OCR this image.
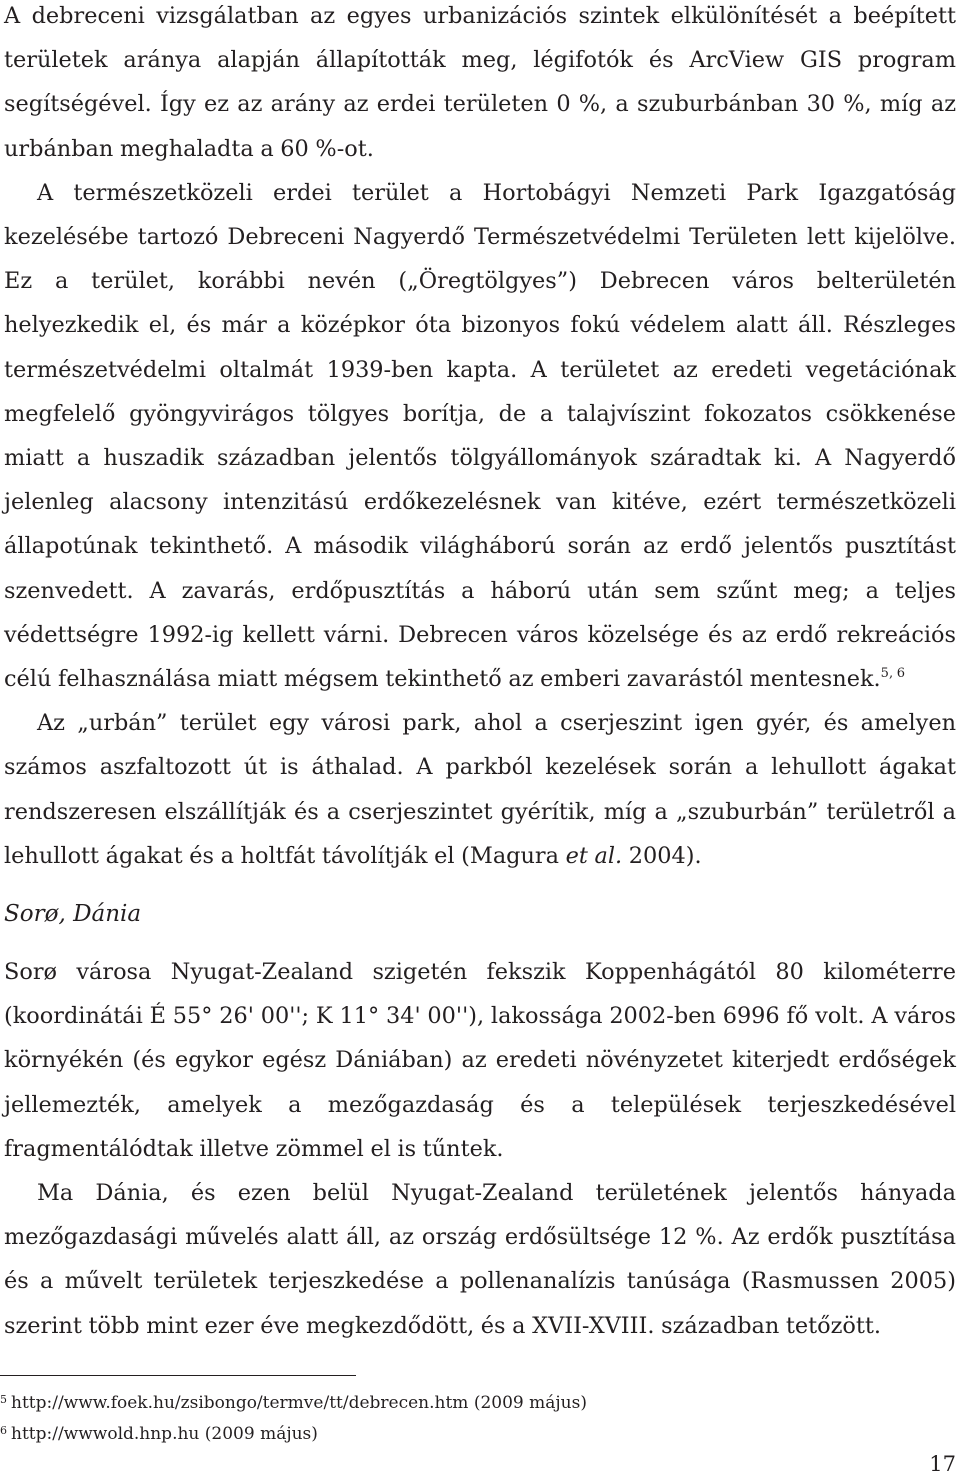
A debreceni vizsgálatban az egyes urbanizációs szintek elkülönítését a beépített területek aránya alapján állapították meg, légifotók és ArcView GIS program segítségével. Így ez az arány az erdei területen 0 %, a szuburbánban 30 %, míg az urbánban meghaladta a 60 %-ot.

A természetközeli erdei terület a Hortobágyi Nemzeti Park Igazgatóság kezelésébe tartozó Debreceni Nagyerdő Természetvédelmi Területen lett kijelölve. Ez a terület, korábbi nevén („Öregtölgyes”) Debrecen város belterületén helyezkedik el, és már a középkor óta bizonyos fokú védelem alatt áll. Részleges természetvédelmi oltalmát 1939-ben kapta. A területet az eredeti vegetációnak megfelelő gyöngyvirágos tölgyes borítja, de a talajvíszint fokozatos csökkenése miatt a huszadik században jelentős tölgyállományok száradtak ki. A Nagyerdő jelenleg alacsony intenzitású erdőkezelésnek van kitéve, ezért természetközeli állapotúnak tekinthető. A második világháború során az erdő jelentős pusztítást szenvedett. A zavarás, erdőpusztítás a háború után sem szűnt meg; a teljes védettségre 1992-ig kellett várni. Debrecen város közelsége és az erdő rekreációs célú felhasználása miatt mégsem tekinthető az emberi zavarástól mentesnek.$^{5, 6}$

Az „urbán” terület egy városi park, ahol a cserjeszint igen gyér, és amelyen számos aszfaltozott út is áthalad. A parkból kezelések során a lehullott ágakat rendszeresen elszállítják és a cserjeszintet gyérítik, míg a „szuburbán” területről a lehullott ágakat és a holtfát távolítják el (Magura et al. 2004).

Sorø, Dánia

Sorø városa Nyugat-Zealand szigetén fekszik Koppenhágától 80 kilométerre (koordinátái É 55° 26' 00''; K 11° 34' 00''), lakossága 2002-ben 6996 fő volt. A város környékén (és egykor egész Dániában) az eredeti növényzetet kiterjedt erdőségek jellemezték, amelyek a mezőgazdaság és a települések terjeszkedésével fragmentálódtak illetve zömmel el is tűntek.

Ma Dánia, és ezen belül Nyugat-Zealand területének jelentős hányada mezőgazdasági művelés alatt áll, az ország erdősültsége 12 %. Az erdők pusztítása és a művelt területek terjeszkedése a pollenanalízis tanúsága (Rasmussen 2005) szerint több mint ezer éve megkezdődött, és a XVII-XVIII. században tetőzött.

$^5$ http://www.foek.hu/zsibongo/termve/tt/debrecen.htm (2009 május)

$^6$ http://wwwold.hnp.hu (2009 május)

17
